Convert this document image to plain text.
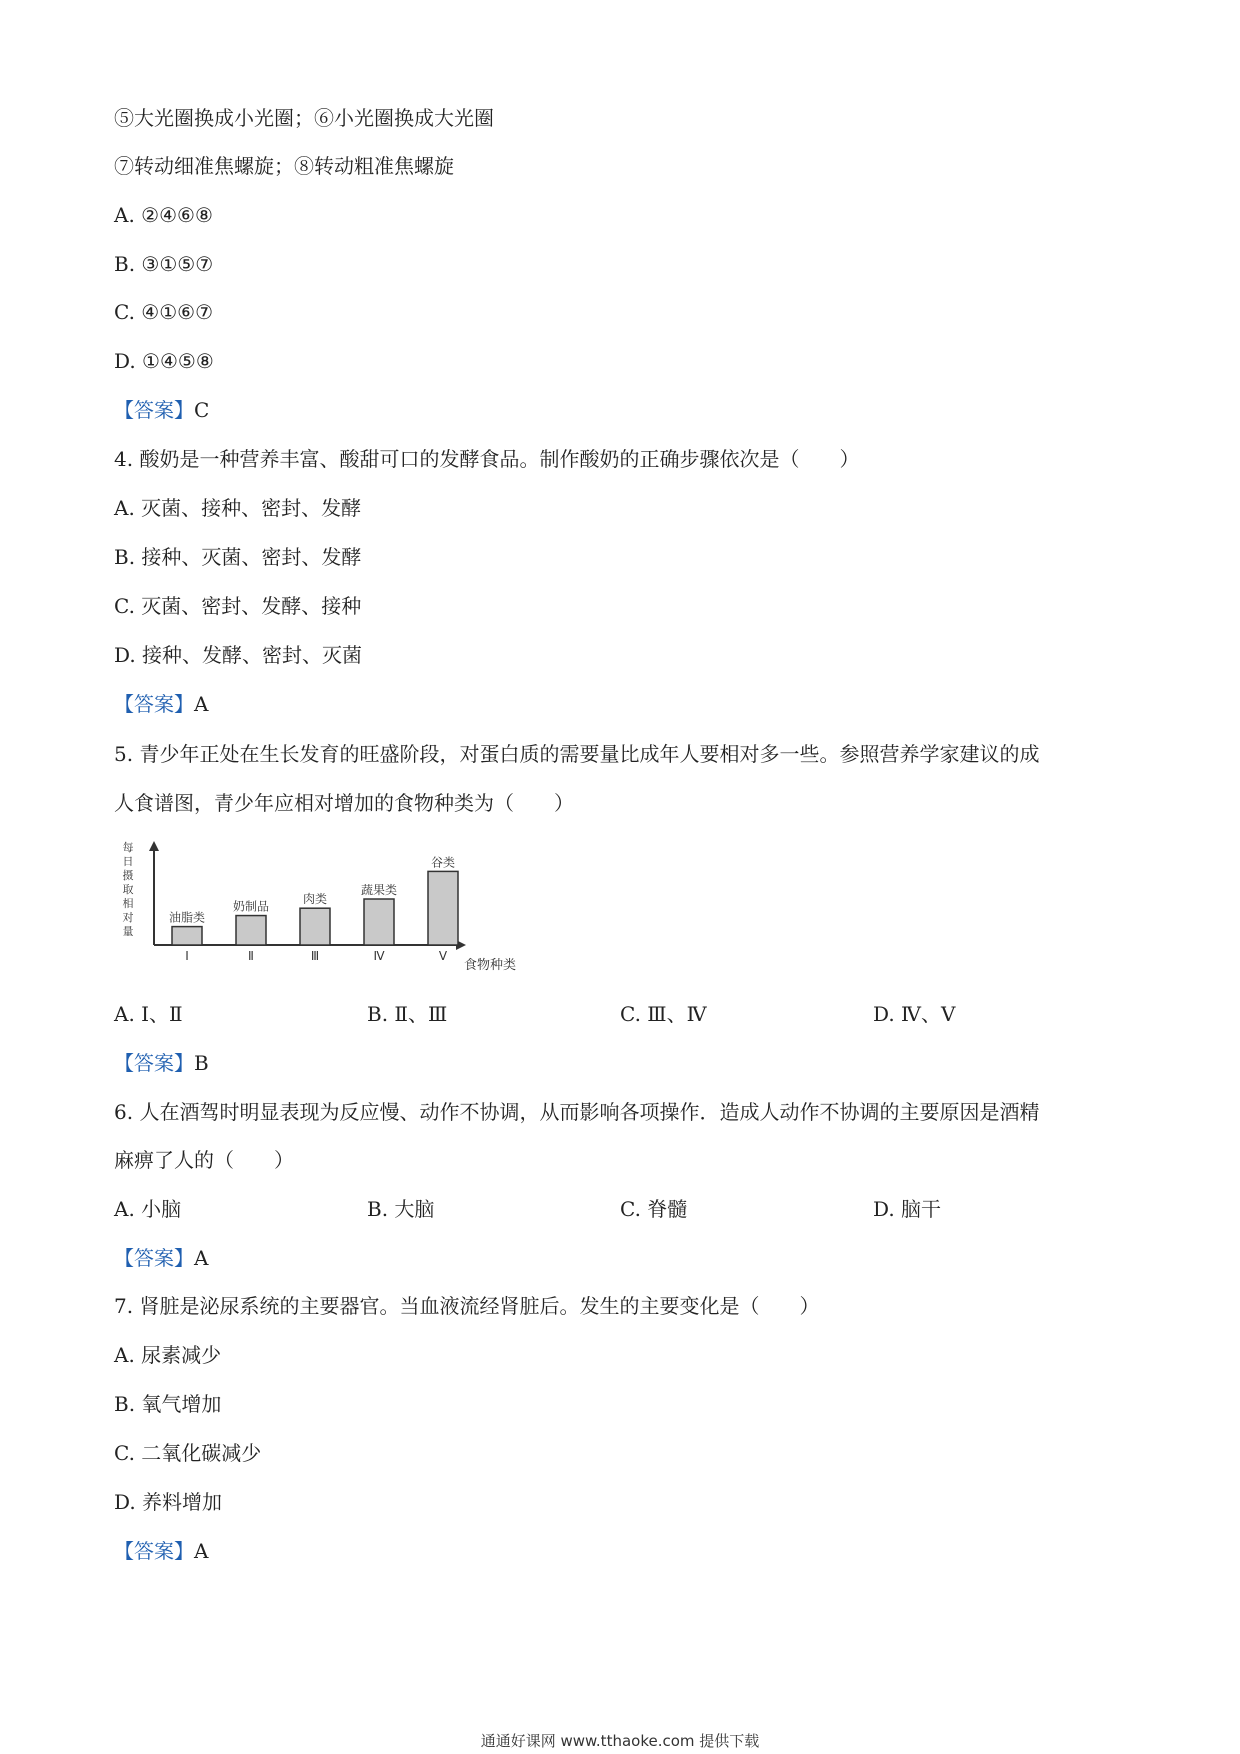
⑤大光圈换成小光圈；⑥小光圈换成大光圈
⑦转动细准焦螺旋；⑧转动粗准焦螺旋
A. ②④⑥⑧
B. ③①⑤⑦
C. ④①⑥⑦
D. ①④⑤⑧
【答案】C
4. 酸奶是一种营养丰富、酸甜可口的发酵食品。制作酸奶的正确步骤依次是（　　）
A. 灭菌、接种、密封、发酵
B. 接种、灭菌、密封、发酵
C. 灭菌、密封、发酵、接种
D. 接种、发酵、密封、灭菌
【答案】A
5. 青少年正处在生长发育的旺盛阶段，对蛋白质的需要量比成年人要相对多一些。参照营养学家建议的成
人食谱图，青少年应相对增加的食物种类为（　　）
每
日
摄
取
相
对
量
食物种类
油脂类
Ⅰ
奶制品
Ⅱ
肉类
Ⅲ
蔬果类
Ⅳ
谷类
Ⅴ
A. Ⅰ、Ⅱ	B. Ⅱ、Ⅲ	C. Ⅲ、Ⅳ	D. Ⅳ、Ⅴ
【答案】B
6. 人在酒驾时明显表现为反应慢、动作不协调，从而影响各项操作．造成人动作不协调的主要原因是酒精
麻痹了人的（　　）
A. 小脑	B. 大脑	C. 脊髓	D. 脑干
【答案】A
7. 肾脏是泌尿系统的主要器官。当血液流经肾脏后。发生的主要变化是（　　）
A. 尿素减少
B. 氧气增加
C. 二氧化碳减少
D. 养料增加
【答案】A
通通好课网 www.tthaoke.com 提供下载
